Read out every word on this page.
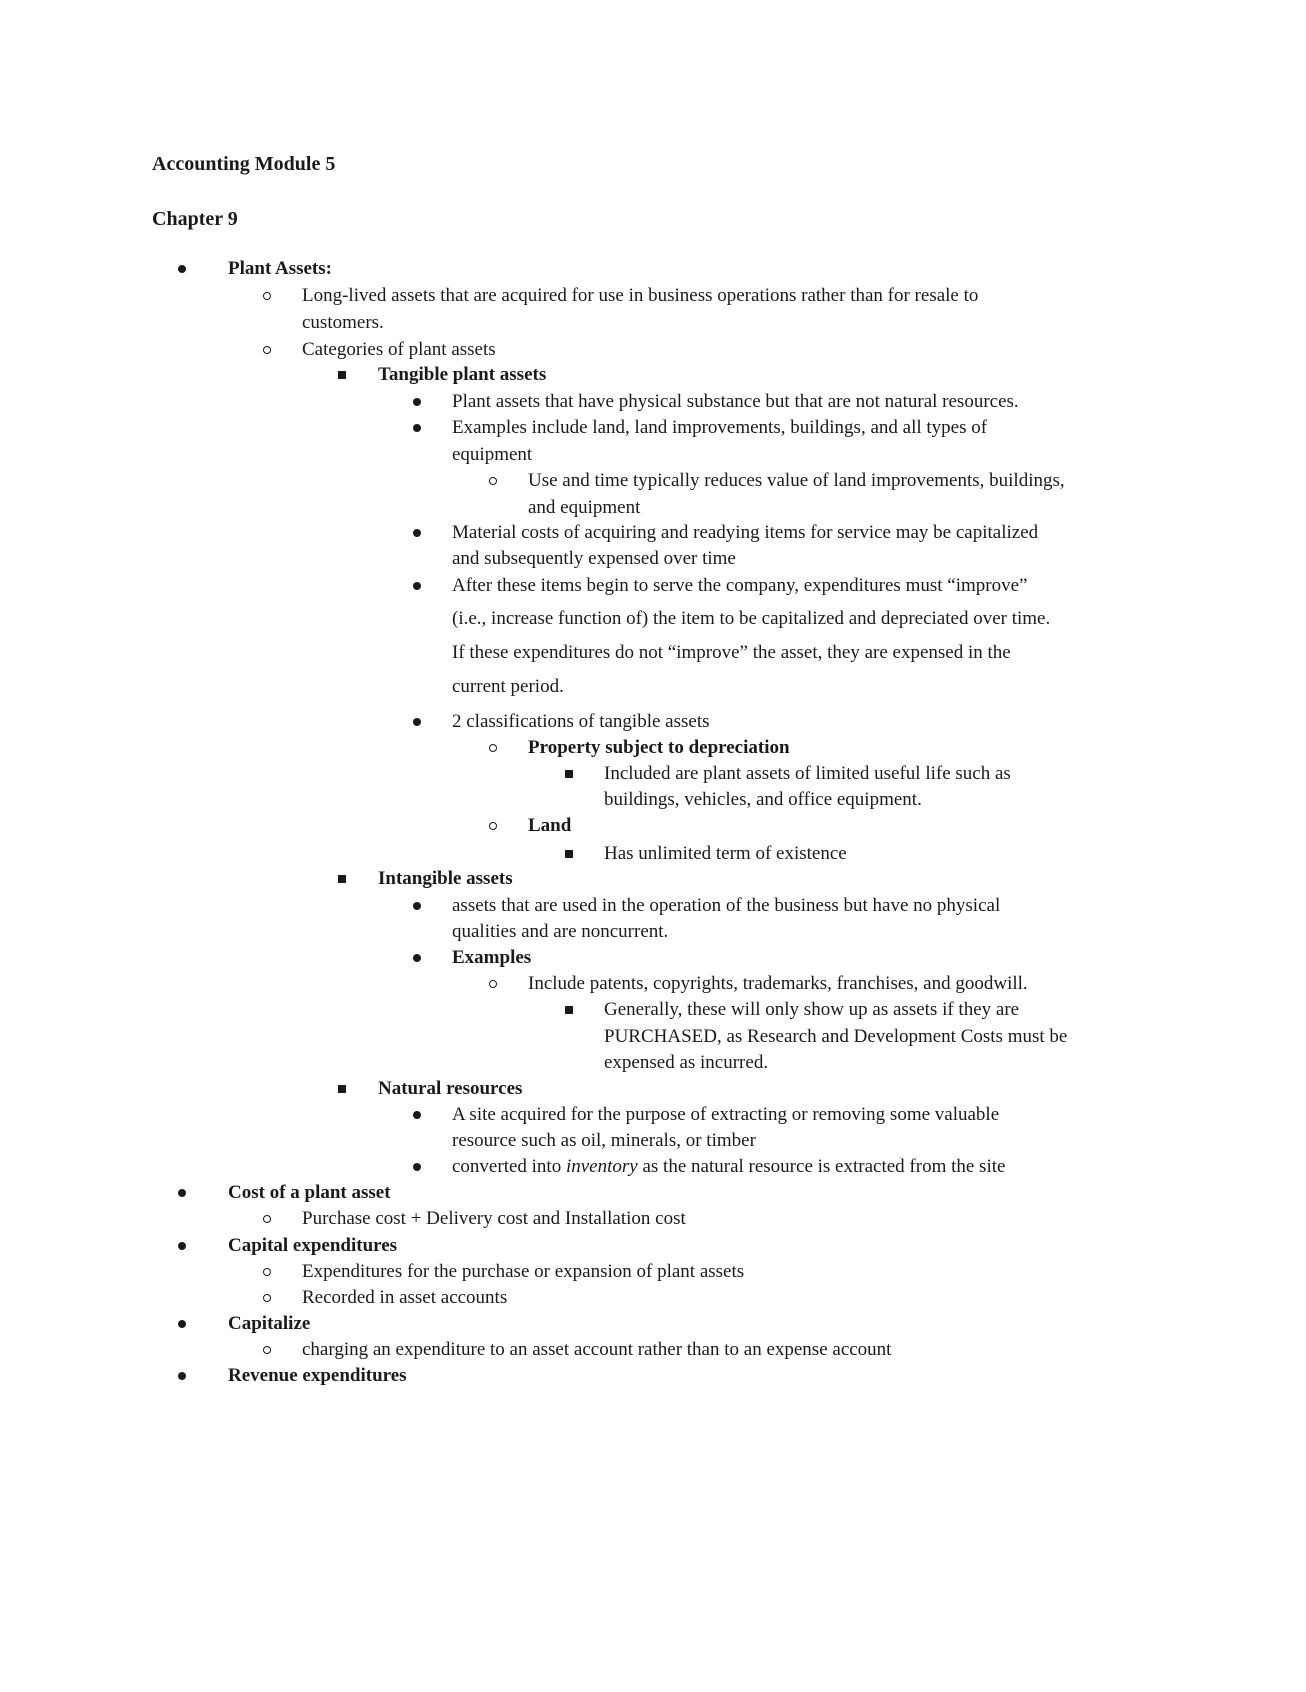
Accounting Module 5
Chapter 9
Plant Assets:
Long-lived assets that are acquired for use in business operations rather than for resale to
customers.
Categories of plant assets
Tangible plant assets
Plant assets that have physical substance but that are not natural resources.
Examples include land, land improvements, buildings, and all types of
equipment
Use and time typically reduces value of land improvements, buildings,
and equipment
Material costs of acquiring and readying items for service may be capitalized
and subsequently expensed over time
After these items begin to serve the company, expenditures must “improve”
(i.e., increase function of) the item to be capitalized and depreciated over time.
If these expenditures do not “improve” the asset, they are expensed in the
current period.
2 classifications of tangible assets
Property subject to depreciation
Included are plant assets of limited useful life such as
buildings, vehicles, and office equipment.
Land
Has unlimited term of existence
Intangible assets
assets that are used in the operation of the business but have no physical
qualities and are noncurrent.
Examples
Include patents, copyrights, trademarks, franchises, and goodwill.
Generally, these will only show up as assets if they are
PURCHASED, as Research and Development Costs must be
expensed as incurred.
Natural resources
A site acquired for the purpose of extracting or removing some valuable
resource such as oil, minerals, or timber
converted into inventory as the natural resource is extracted from the site
Cost of a plant asset
Purchase cost + Delivery cost and Installation cost
Capital expenditures
Expenditures for the purchase or expansion of plant assets
Recorded in asset accounts
Capitalize
charging an expenditure to an asset account rather than to an expense account
Revenue expenditures
